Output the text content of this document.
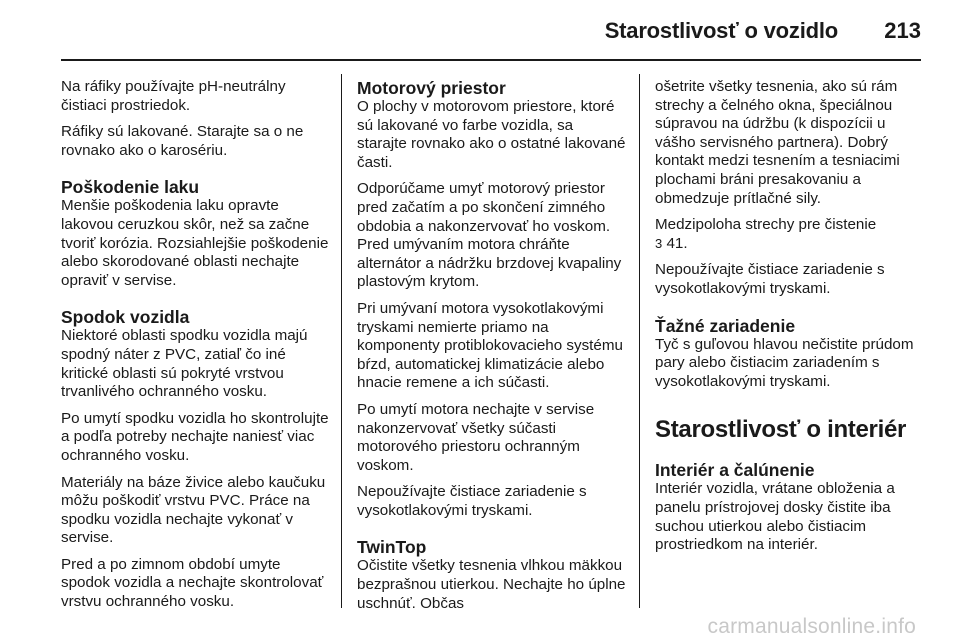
Starostlivosť o vozidlo 213

Na ráfiky používajte pH-neutrálny čistiaci prostriedok.

Ráfiky sú lakované. Starajte sa o ne rovnako ako o karosériu.

Poškodenie laku

Menšie poškodenia laku opravte lakovou ceruzkou skôr, než sa začne tvoriť korózia. Rozsiahlejšie poškodenie alebo skorodované oblasti nechajte opraviť v servise.

Spodok vozidla

Niektoré oblasti spodku vozidla majú spodný náter z PVC, zatiaľ čo iné kritické oblasti sú pokryté vrstvou trvanlivého ochranného vosku.

Po umytí spodku vozidla ho skontrolujte a podľa potreby nechajte naniesť viac ochranného vosku.

Materiály na báze živice alebo kaučuku môžu poškodiť vrstvu PVC. Práce na spodku vozidla nechajte vykonať v servise.

Pred a po zimnom období umyte spodok vozidla a nechajte skontrolovať vrstvu ochranného vosku.

Motorový priestor

O plochy v motorovom priestore, ktoré sú lakované vo farbe vozidla, sa starajte rovnako ako o ostatné lakované časti.

Odporúčame umyť motorový priestor pred začatím a po skončení zimného obdobia a nakonzervovať ho voskom. Pred umývaním motora chráňte alternátor a nádržku brzdovej kvapaliny plastovým krytom.

Pri umývaní motora vysokotlakovými tryskami nemierte priamo na komponenty protiblokovacieho systému bŕzd, automatickej klimatizácie alebo hnacie remene a ich súčasti.

Po umytí motora nechajte v servise nakonzervovať všetky súčasti motorového priestoru ochranným voskom.

Nepoužívajte čistiace zariadenie s vysokotlakovými tryskami.

TwinTop

Očistite všetky tesnenia vlhkou mäkkou bezprašnou utierkou. Nechajte ho úplne uschnúť. Občas

ošetrite všetky tesnenia, ako sú rám strechy a čelného okna, špeciálnou súpravou na údržbu (k dispozícii u vášho servisného partnera). Dobrý kontakt medzi tesnením a tesniacimi plochami bráni presakovaniu a obmedzuje prítlačné sily.

Medzipoloha strechy pre čistenie
3 41.

Nepoužívajte čistiace zariadenie s vysokotlakovými tryskami.

Ťažné zariadenie

Tyč s guľovou hlavou nečistite prúdom pary alebo čistiacim zariadením s vysokotlakovými tryskami.

Starostlivosť o interiér
Interiér a čalúnenie

Interiér vozidla, vrátane obloženia a panelu prístrojovej dosky čistite iba suchou utierkou alebo čistiacim prostriedkom na interiér.

carmanualsonline.info
